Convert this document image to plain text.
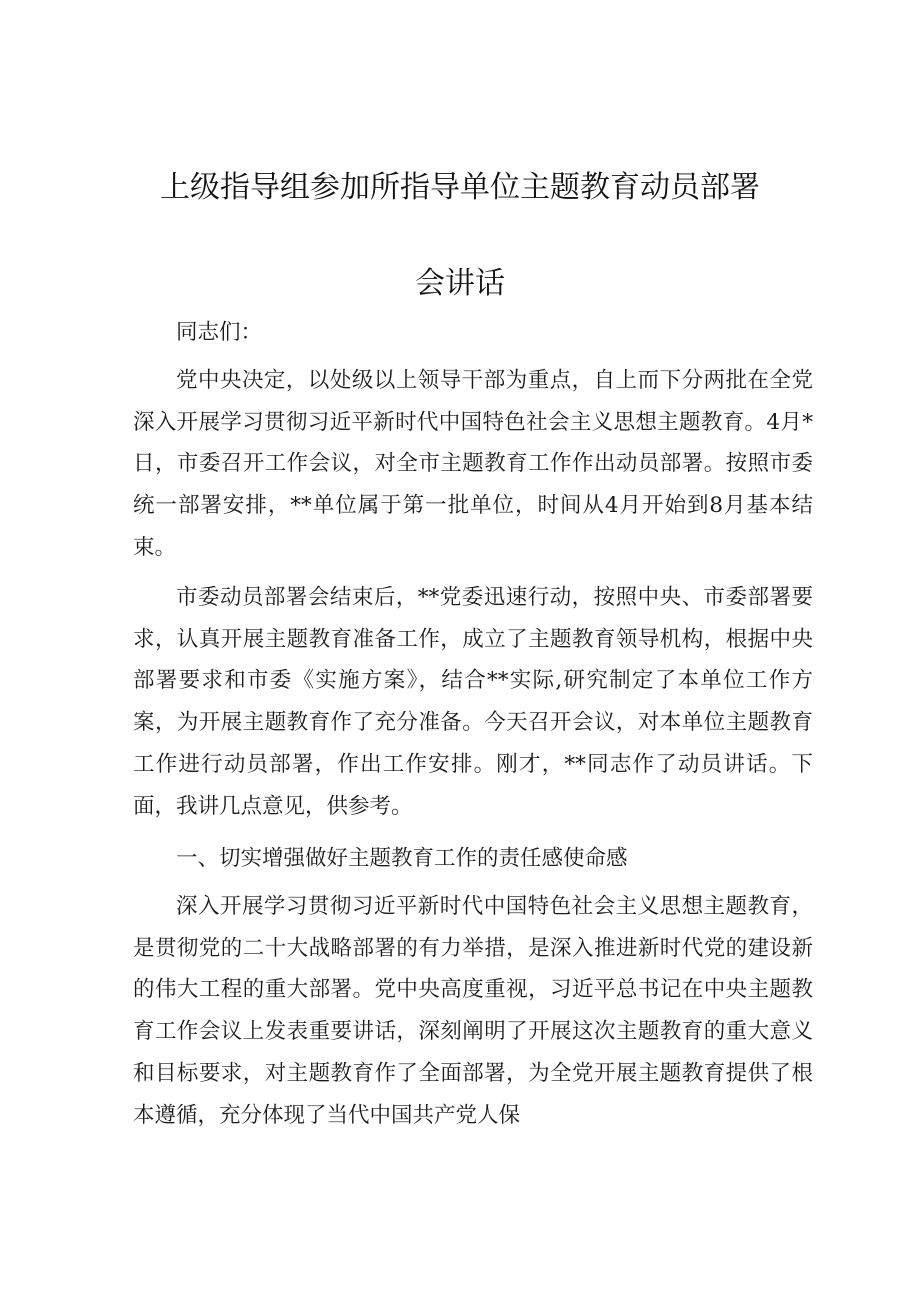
上级指导组参加所指导单位主题教育动员部署
会讲话

同志们：

党中央决定，以处级以上领导干部为重点，自上而下分两批在全党深入开展学习贯彻习近平新时代中国特色社会主义思想主题教育。4月*日，市委召开工作会议，对全市主题教育工作作出动员部署。按照市委统一部署安排，**单位属于第一批单位，时间从4月开始到8月基本结束。

市委动员部署会结束后，**党委迅速行动，按照中央、市委部署要求，认真开展主题教育准备工作，成立了主题教育领导机构，根据中央部署要求和市委《实施方案》，结合**实际,研究制定了本单位工作方案，为开展主题教育作了充分准备。今天召开会议，对本单位主题教育工作进行动员部署，作出工作安排。刚才，**同志作了动员讲话。下面，我讲几点意见，供参考。

一、切实增强做好主题教育工作的责任感使命感

深入开展学习贯彻习近平新时代中国特色社会主义思想主题教育，是贯彻党的二十大战略部署的有力举措，是深入推进新时代党的建设新的伟大工程的重大部署。党中央高度重视，习近平总书记在中央主题教育工作会议上发表重要讲话，深刻阐明了开展这次主题教育的重大意义和目标要求，对主题教育作了全面部署，为全党开展主题教育提供了根本遵循，充分体现了当代中国共产党人保
